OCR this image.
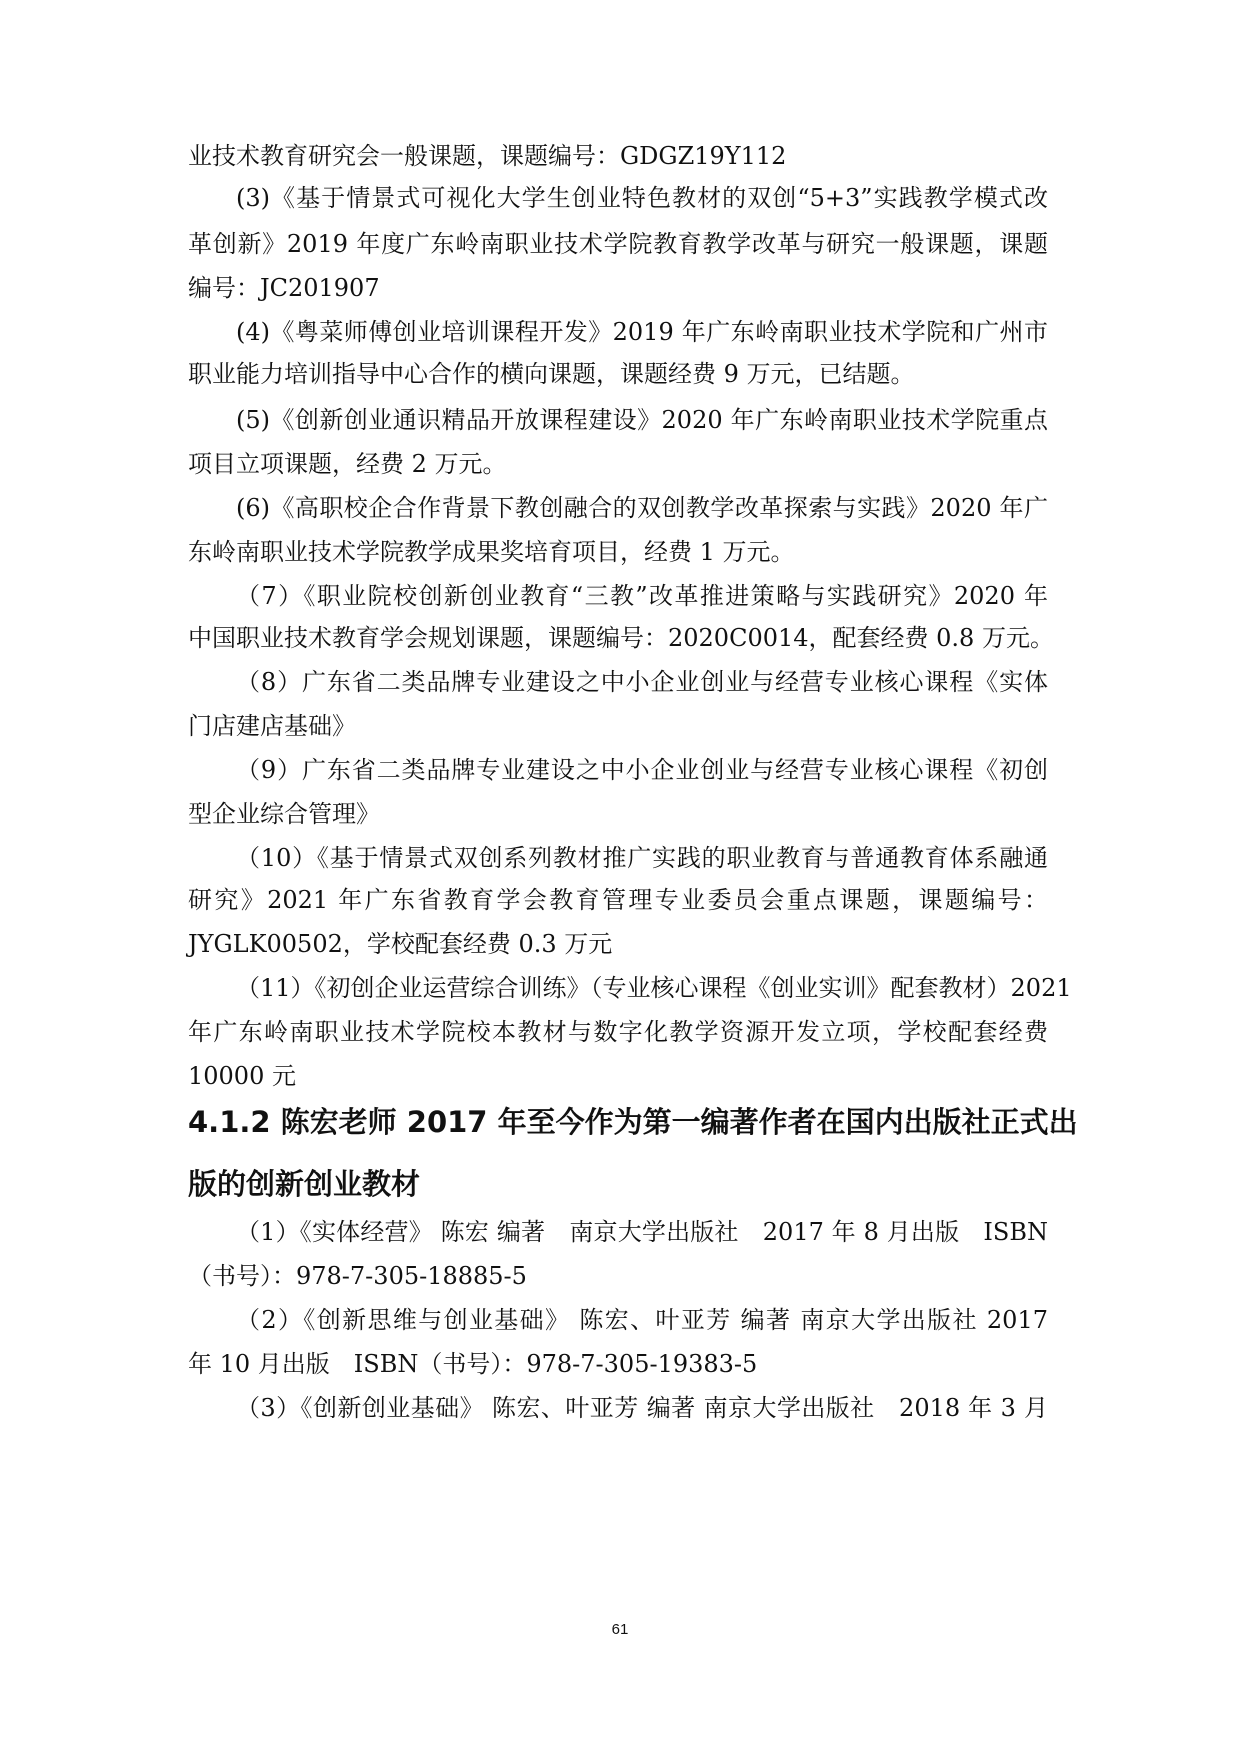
业技术教育研究会一般课题，课题编号：GDGZ19Y112
(3)《基于情景式可视化大学生创业特色教材的双创“5+3”实践教学模式改
革创新》2019 年度广东岭南职业技术学院教育教学改革与研究一般课题，课题
编号：JC201907
(4)《粤菜师傅创业培训课程开发》2019 年广东岭南职业技术学院和广州市
职业能力培训指导中心合作的横向课题，课题经费 9 万元，已结题。
(5)《创新创业通识精品开放课程建设》2020 年广东岭南职业技术学院重点
项目立项课题，经费 2 万元。
(6)《高职校企合作背景下教创融合的双创教学改革探索与实践》2020 年广
东岭南职业技术学院教学成果奖培育项目，经费 1 万元。
（7）《职业院校创新创业教育“三教”改革推进策略与实践研究》2020 年
中国职业技术教育学会规划课题，课题编号：2020C0014，配套经费 0.8 万元。
（8）广东省二类品牌专业建设之中小企业创业与经营专业核心课程《实体
门店建店基础》
（9）广东省二类品牌专业建设之中小企业创业与经营专业核心课程《初创
型企业综合管理》
（10）《基于情景式双创系列教材推广实践的职业教育与普通教育体系融通
研究》2021 年广东省教育学会教育管理专业委员会重点课题，课题编号：
JYGLK00502，学校配套经费 0.3 万元
（11）《初创企业运营综合训练》（专业核心课程《创业实训》配套教材）2021
年广东岭南职业技术学院校本教材与数字化教学资源开发立项，学校配套经费
10000 元
4.1.2 陈宏老师 2017 年至今作为第一编著作者在国内出版社正式出
版的创新创业教材
（1）《实体经营》 陈宏 编著　南京大学出版社　2017 年 8 月出版　ISBN
（书号）：978-7-305-18885-5
（2）《创新思维与创业基础》 陈宏、叶亚芳 编著 南京大学出版社 2017
年 10 月出版　ISBN（书号）：978-7-305-19383-5
（3）《创新创业基础》 陈宏、叶亚芳 编著 南京大学出版社　2018 年 3 月
61
